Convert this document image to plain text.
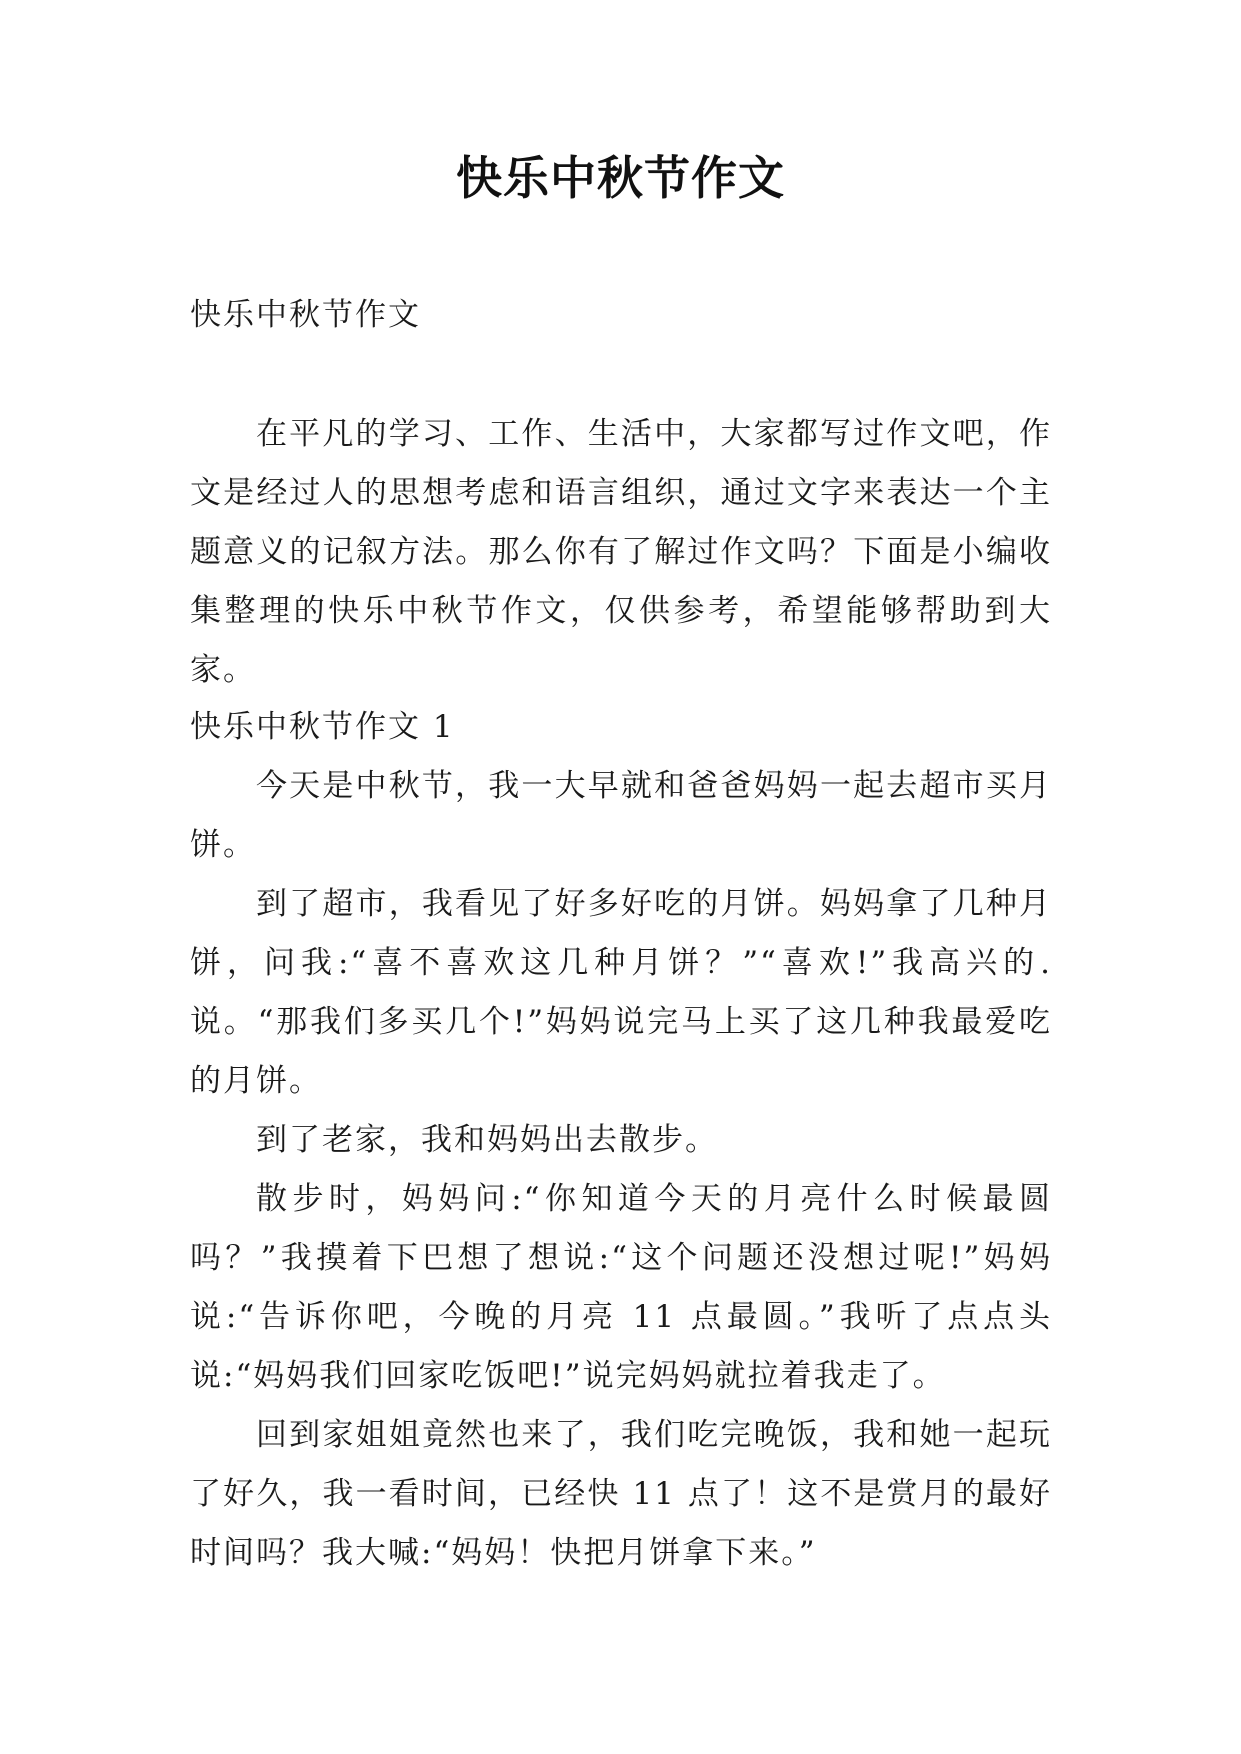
快乐中秋节作文

快乐中秋节作文

在平凡的学习、工作、生活中，大家都写过作文吧，作文是经过人的思想考虑和语言组织，通过文字来表达一个主题意义的记叙方法。那么你有了解过作文吗？下面是小编收集整理的快乐中秋节作文，仅供参考，希望能够帮助到大家。

快乐中秋节作文 1

今天是中秋节，我一大早就和爸爸妈妈一起去超市买月饼。

到了超市，我看见了好多好吃的月饼。妈妈拿了几种月饼，问我:“喜不喜欢这几种月饼？”“喜欢!”我高兴的.说。“那我们多买几个!”妈妈说完马上买了这几种我最爱吃的月饼。

到了老家，我和妈妈出去散步。

散步时，妈妈问:“你知道今天的月亮什么时候最圆吗？”我摸着下巴想了想说:“这个问题还没想过呢!”妈妈说:“告诉你吧，今晚的月亮 11 点最圆。”我听了点点头说:“妈妈我们回家吃饭吧!”说完妈妈就拉着我走了。

回到家姐姐竟然也来了，我们吃完晚饭，我和她一起玩了好久，我一看时间，已经快 11 点了！这不是赏月的最好时间吗？我大喊:“妈妈！快把月饼拿下来。”
